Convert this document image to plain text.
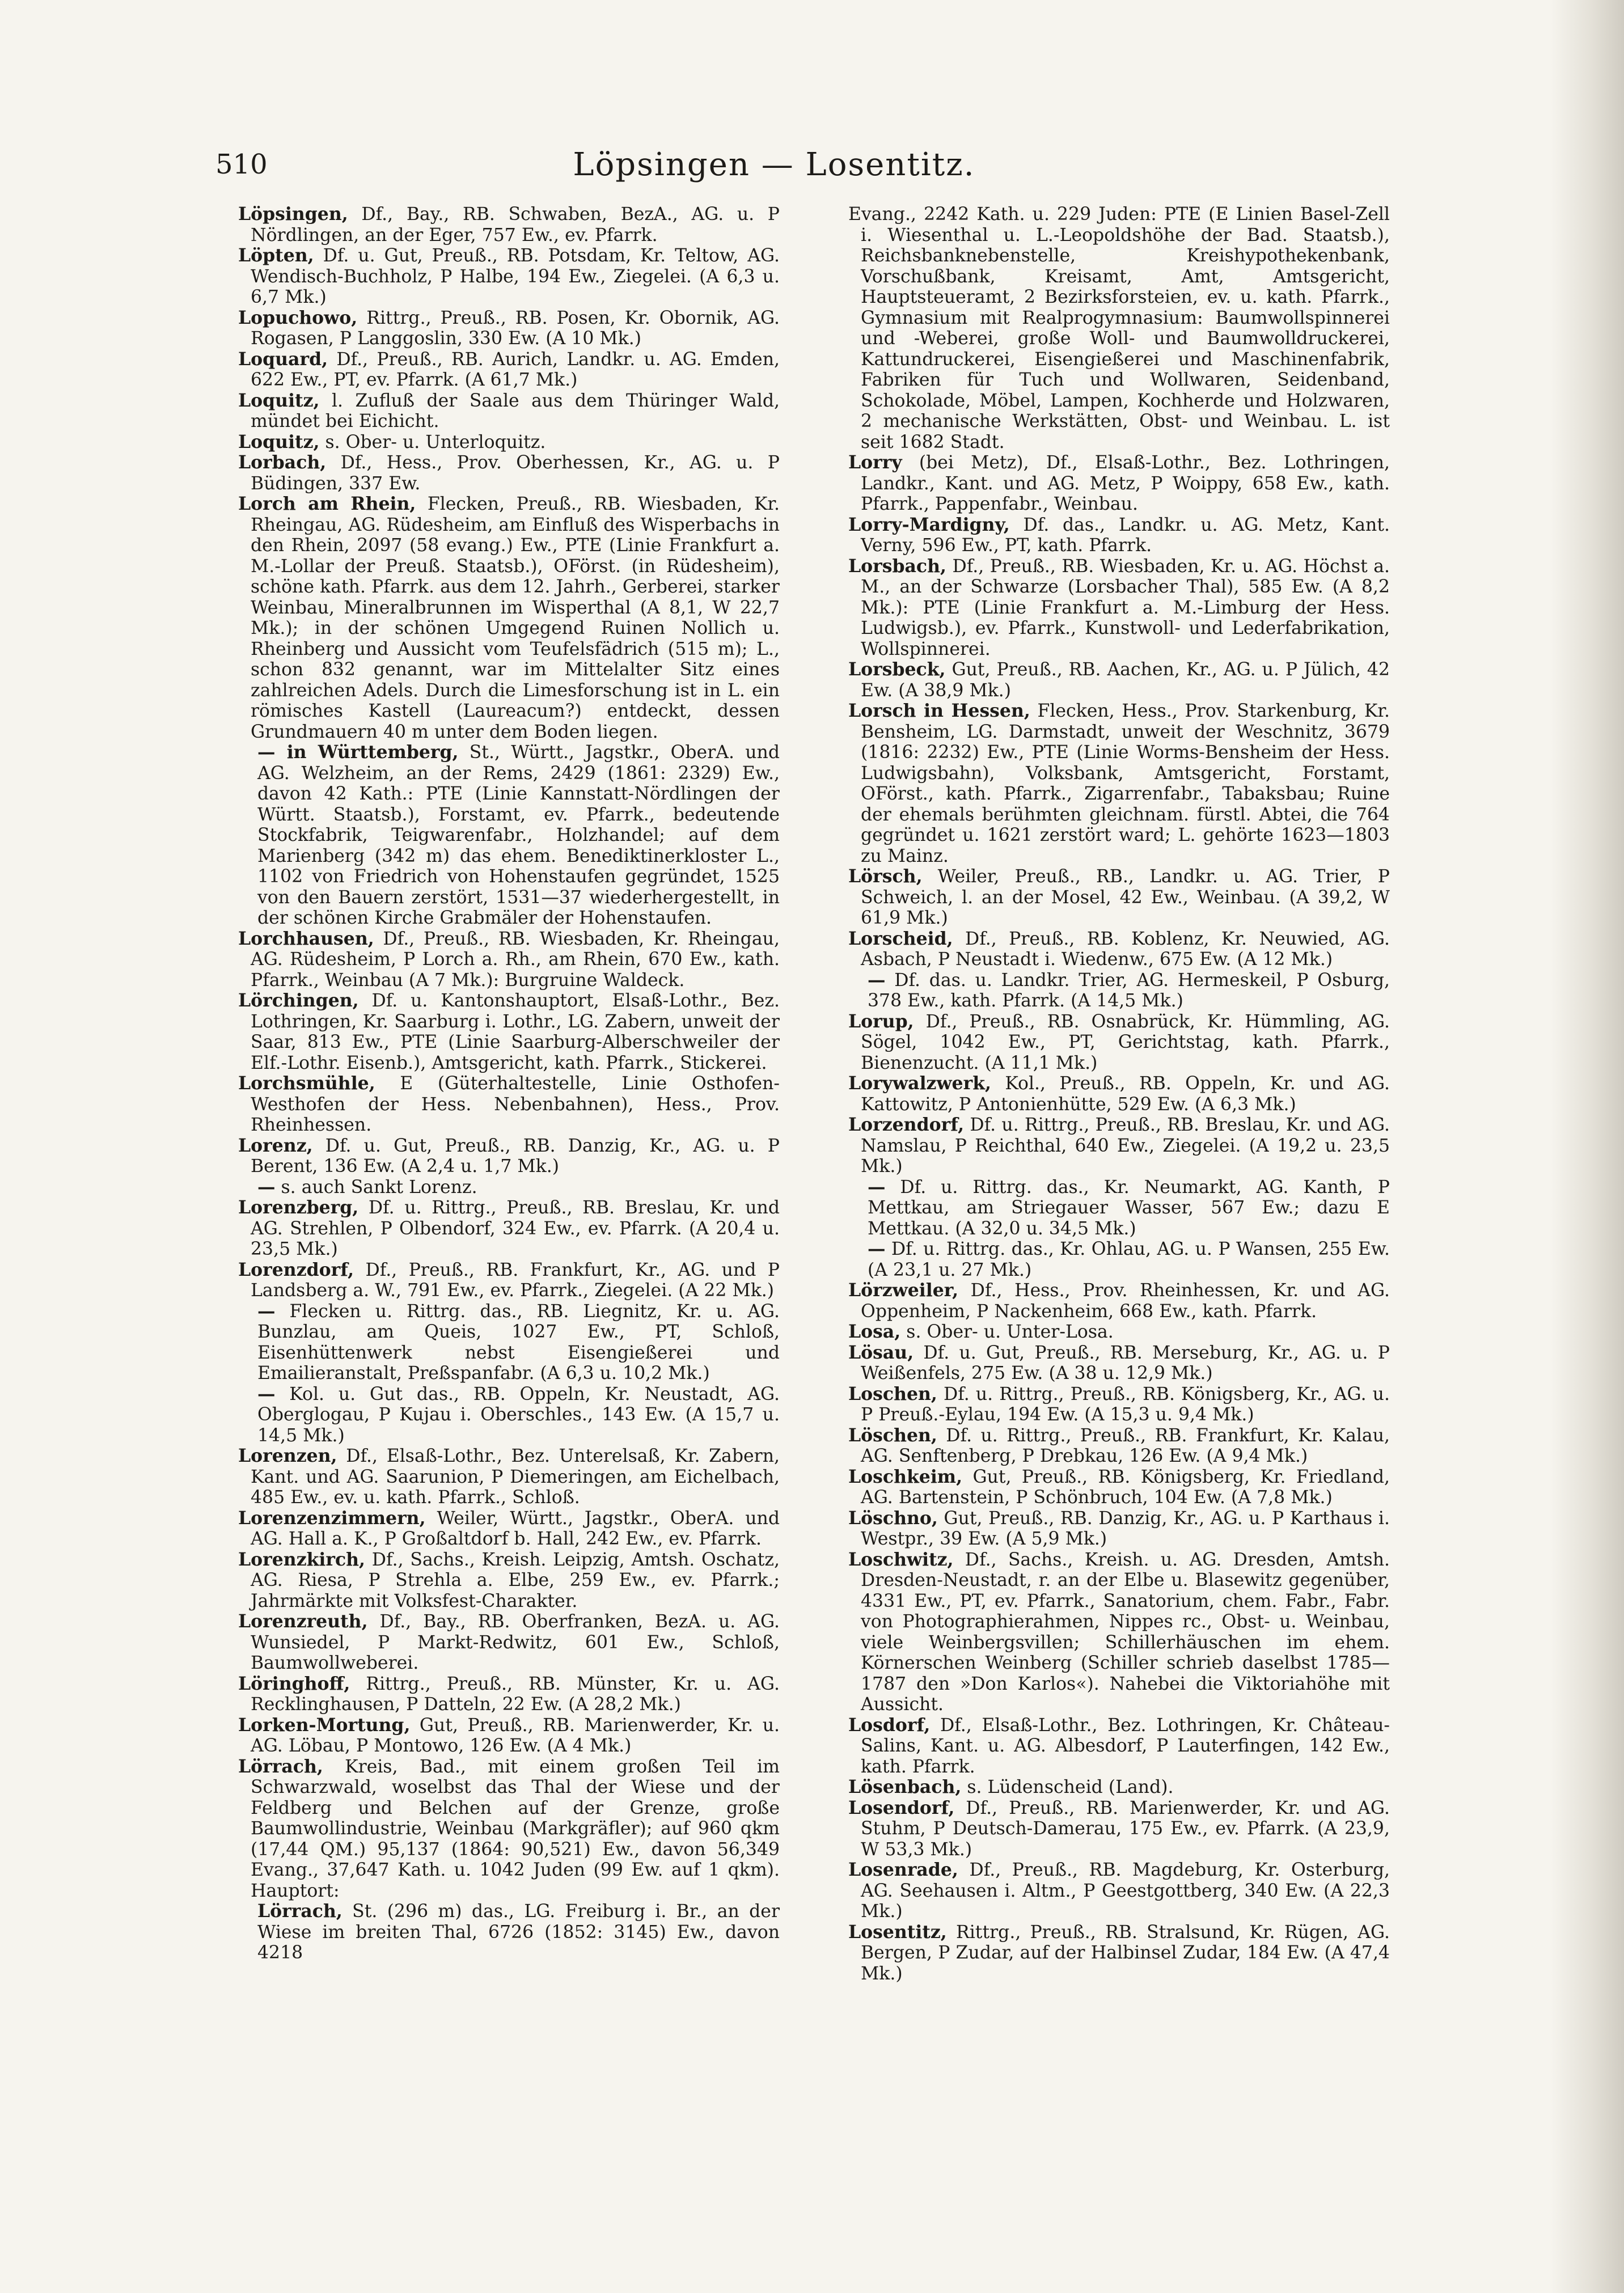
510	Löpsingen — Losentitz.

Löpsingen, Df., Bay., RB. Schwaben, BezA., AG. u. P Nördlingen, an der Eger, 757 Ew., ev. Pfarrk.

Löpten, Df. u. Gut, Preuß., RB. Potsdam, Kr. Teltow, AG. Wendisch-Buchholz, P Halbe, 194 Ew., Ziegelei. (A 6,3 u. 6,7 Mk.)

Lopuchowo, Rittrg., Preuß., RB. Posen, Kr. Obornik, AG. Rogasen, P Langgoslin, 330 Ew. (A 10 Mk.)

Loquard, Df., Preuß., RB. Aurich, Landkr. u. AG. Emden, 622 Ew., PT, ev. Pfarrk. (A 61,7 Mk.)

Loquitz, l. Zufluß der Saale aus dem Thüringer Wald, mündet bei Eichicht.

Loquitz, s. Ober- u. Unterloquitz.

Lorbach, Df., Hess., Prov. Oberhessen, Kr., AG. u. P Büdingen, 337 Ew.

Lorch am Rhein, Flecken, Preuß., RB. Wiesbaden, Kr. Rheingau, AG. Rüdesheim, am Einfluß des Wisperbachs in den Rhein, 2097 (58 evang.) Ew., PTE (Linie Frankfurt a. M.-Lollar der Preuß. Staatsb.), OFörst. (in Rüdesheim), schöne kath. Pfarrk. aus dem 12. Jahrh., Gerberei, starker Weinbau, Mineralbrunnen im Wisperthal (A 8,1, W 22,7 Mk.); in der schönen Umgegend Ruinen Nollich u. Rheinberg und Aussicht vom Teufelsfädrich (515 m); L., schon 832 genannt, war im Mittelalter Sitz eines zahlreichen Adels. Durch die Limesforschung ist in L. ein römisches Kastell (Laureacum?) entdeckt, dessen Grundmauern 40 m unter dem Boden liegen.

— in Württemberg, St., Württ., Jagstkr., OberA. und AG. Welzheim, an der Rems, 2429 (1861: 2329) Ew., davon 42 Kath.: PTE (Linie Kannstatt-Nördlingen der Württ. Staatsb.), Forstamt, ev. Pfarrk., bedeutende Stockfabrik, Teigwarenfabr., Holzhandel; auf dem Marienberg (342 m) das ehem. Benediktinerkloster L., 1102 von Friedrich von Hohenstaufen gegründet, 1525 von den Bauern zerstört, 1531—37 wiederhergestellt, in der schönen Kirche Grabmäler der Hohenstaufen.

Lorchhausen, Df., Preuß., RB. Wiesbaden, Kr. Rheingau, AG. Rüdesheim, P Lorch a. Rh., am Rhein, 670 Ew., kath. Pfarrk., Weinbau (A 7 Mk.): Burgruine Waldeck.

Lörchingen, Df. u. Kantonshauptort, Elsaß-Lothr., Bez. Lothringen, Kr. Saarburg i. Lothr., LG. Zabern, unweit der Saar, 813 Ew., PTE (Linie Saarburg-Alberschweiler der Elf.-Lothr. Eisenb.), Amtsgericht, kath. Pfarrk., Stickerei.

Lorchsmühle, E (Güterhaltestelle, Linie Osthofen-Westhofen der Hess. Nebenbahnen), Hess., Prov. Rheinhessen.

Lorenz, Df. u. Gut, Preuß., RB. Danzig, Kr., AG. u. P Berent, 136 Ew. (A 2,4 u. 1,7 Mk.)

— s. auch Sankt Lorenz.

Lorenzberg, Df. u. Rittrg., Preuß., RB. Breslau, Kr. und AG. Strehlen, P Olbendorf, 324 Ew., ev. Pfarrk. (A 20,4 u. 23,5 Mk.)

Lorenzdorf, Df., Preuß., RB. Frankfurt, Kr., AG. und P Landsberg a. W., 791 Ew., ev. Pfarrk., Ziegelei. (A 22 Mk.)

— Flecken u. Rittrg. das., RB. Liegnitz, Kr. u. AG. Bunzlau, am Queis, 1027 Ew., PT, Schloß, Eisenhüttenwerk nebst Eisengießerei und Emailieranstalt, Preßspanfabr. (A 6,3 u. 10,2 Mk.)

— Kol. u. Gut das., RB. Oppeln, Kr. Neustadt, AG. Oberglogau, P Kujau i. Oberschles., 143 Ew. (A 15,7 u. 14,5 Mk.)

Lorenzen, Df., Elsaß-Lothr., Bez. Unterelsaß, Kr. Zabern, Kant. und AG. Saarunion, P Diemeringen, am Eichelbach, 485 Ew., ev. u. kath. Pfarrk., Schloß.

Lorenzenzimmern, Weiler, Württ., Jagstkr., OberA. und AG. Hall a. K., P Großaltdorf b. Hall, 242 Ew., ev. Pfarrk.

Lorenzkirch, Df., Sachs., Kreish. Leipzig, Amtsh. Oschatz, AG. Riesa, P Strehla a. Elbe, 259 Ew., ev. Pfarrk.; Jahrmärkte mit Volksfest-Charakter.

Lorenzreuth, Df., Bay., RB. Oberfranken, BezA. u. AG. Wunsiedel, P Markt-Redwitz, 601 Ew., Schloß, Baumwollweberei.

Löringhoff, Rittrg., Preuß., RB. Münster, Kr. u. AG. Recklinghausen, P Datteln, 22 Ew. (A 28,2 Mk.)

Lorken-Mortung, Gut, Preuß., RB. Marienwerder, Kr. u. AG. Löbau, P Montowo, 126 Ew. (A 4 Mk.)

Lörrach, Kreis, Bad., mit einem großen Teil im Schwarzwald, woselbst das Thal der Wiese und der Feldberg und Belchen auf der Grenze, große Baumwollindustrie, Weinbau (Markgräfler); auf 960 qkm (17,44 QM.) 95,137 (1864: 90,521) Ew., davon 56,349 Evang., 37,647 Kath. u. 1042 Juden (99 Ew. auf 1 qkm). Hauptort:

Lörrach, St. (296 m) das., LG. Freiburg i. Br., an der Wiese im breiten Thal, 6726 (1852: 3145) Ew., davon 4218

Evang., 2242 Kath. u. 229 Juden: PTE (E Linien Basel-Zell i. Wiesenthal u. L.-Leopoldshöhe der Bad. Staatsb.), Reichsbanknebenstelle, Kreishypothekenbank, Vorschußbank, Kreisamt, Amt, Amtsgericht, Hauptsteueramt, 2 Bezirksforsteien, ev. u. kath. Pfarrk., Gymnasium mit Realprogymnasium: Baumwollspinnerei und -Weberei, große Woll- und Baumwolldruckerei, Kattundruckerei, Eisengießerei und Maschinenfabrik, Fabriken für Tuch und Wollwaren, Seidenband, Schokolade, Möbel, Lampen, Kochherde und Holzwaren, 2 mechanische Werkstätten, Obst- und Weinbau. L. ist seit 1682 Stadt.

Lorry (bei Metz), Df., Elsaß-Lothr., Bez. Lothringen, Landkr., Kant. und AG. Metz, P Woippy, 658 Ew., kath. Pfarrk., Pappenfabr., Weinbau.

Lorry-Mardigny, Df. das., Landkr. u. AG. Metz, Kant. Verny, 596 Ew., PT, kath. Pfarrk.

Lorsbach, Df., Preuß., RB. Wiesbaden, Kr. u. AG. Höchst a. M., an der Schwarze (Lorsbacher Thal), 585 Ew. (A 8,2 Mk.): PTE (Linie Frankfurt a. M.-Limburg der Hess. Ludwigsb.), ev. Pfarrk., Kunstwoll- und Lederfabrikation, Wollspinnerei.

Lorsbeck, Gut, Preuß., RB. Aachen, Kr., AG. u. P Jülich, 42 Ew. (A 38,9 Mk.)

Lorsch in Hessen, Flecken, Hess., Prov. Starkenburg, Kr. Bensheim, LG. Darmstadt, unweit der Weschnitz, 3679 (1816: 2232) Ew., PTE (Linie Worms-Bensheim der Hess. Ludwigsbahn), Volksbank, Amtsgericht, Forstamt, OFörst., kath. Pfarrk., Zigarrenfabr., Tabaksbau; Ruine der ehemals berühmten gleichnam. fürstl. Abtei, die 764 gegründet u. 1621 zerstört ward; L. gehörte 1623—1803 zu Mainz.

Lörsch, Weiler, Preuß., RB., Landkr. u. AG. Trier, P Schweich, l. an der Mosel, 42 Ew., Weinbau. (A 39,2, W 61,9 Mk.)

Lorscheid, Df., Preuß., RB. Koblenz, Kr. Neuwied, AG. Asbach, P Neustadt i. Wiedenw., 675 Ew. (A 12 Mk.)

— Df. das. u. Landkr. Trier, AG. Hermeskeil, P Osburg, 378 Ew., kath. Pfarrk. (A 14,5 Mk.)

Lorup, Df., Preuß., RB. Osnabrück, Kr. Hümmling, AG. Sögel, 1042 Ew., PT, Gerichtstag, kath. Pfarrk., Bienenzucht. (A 11,1 Mk.)

Lorywalzwerk, Kol., Preuß., RB. Oppeln, Kr. und AG. Kattowitz, P Antonienhütte, 529 Ew. (A 6,3 Mk.)

Lorzendorf, Df. u. Rittrg., Preuß., RB. Breslau, Kr. und AG. Namslau, P Reichthal, 640 Ew., Ziegelei. (A 19,2 u. 23,5 Mk.)

— Df. u. Rittrg. das., Kr. Neumarkt, AG. Kanth, P Mettkau, am Striegauer Wasser, 567 Ew.; dazu E Mettkau. (A 32,0 u. 34,5 Mk.)

— Df. u. Rittrg. das., Kr. Ohlau, AG. u. P Wansen, 255 Ew. (A 23,1 u. 27 Mk.)

Lörzweiler, Df., Hess., Prov. Rheinhessen, Kr. und AG. Oppenheim, P Nackenheim, 668 Ew., kath. Pfarrk.

Losa, s. Ober- u. Unter-Losa.

Lösau, Df. u. Gut, Preuß., RB. Merseburg, Kr., AG. u. P Weißenfels, 275 Ew. (A 38 u. 12,9 Mk.)

Loschen, Df. u. Rittrg., Preuß., RB. Königsberg, Kr., AG. u. P Preuß.-Eylau, 194 Ew. (A 15,3 u. 9,4 Mk.)

Löschen, Df. u. Rittrg., Preuß., RB. Frankfurt, Kr. Kalau, AG. Senftenberg, P Drebkau, 126 Ew. (A 9,4 Mk.)

Loschkeim, Gut, Preuß., RB. Königsberg, Kr. Friedland, AG. Bartenstein, P Schönbruch, 104 Ew. (A 7,8 Mk.)

Löschno, Gut, Preuß., RB. Danzig, Kr., AG. u. P Karthaus i. Westpr., 39 Ew. (A 5,9 Mk.)

Loschwitz, Df., Sachs., Kreish. u. AG. Dresden, Amtsh. Dresden-Neustadt, r. an der Elbe u. Blasewitz gegenüber, 4331 Ew., PT, ev. Pfarrk., Sanatorium, chem. Fabr., Fabr. von Photographierahmen, Nippes rc., Obst- u. Weinbau, viele Weinbergsvillen; Schillerhäuschen im ehem. Körnerschen Weinberg (Schiller schrieb daselbst 1785—1787 den »Don Karlos«). Nahebei die Viktoriahöhe mit Aussicht.

Losdorf, Df., Elsaß-Lothr., Bez. Lothringen, Kr. Château-Salins, Kant. u. AG. Albesdorf, P Lauterfingen, 142 Ew., kath. Pfarrk.

Lösenbach, s. Lüdenscheid (Land).

Losendorf, Df., Preuß., RB. Marienwerder, Kr. und AG. Stuhm, P Deutsch-Damerau, 175 Ew., ev. Pfarrk. (A 23,9, W 53,3 Mk.)

Losenrade, Df., Preuß., RB. Magdeburg, Kr. Osterburg, AG. Seehausen i. Altm., P Geestgottberg, 340 Ew. (A 22,3 Mk.)

Losentitz, Rittrg., Preuß., RB. Stralsund, Kr. Rügen, AG. Bergen, P Zudar, auf der Halbinsel Zudar, 184 Ew. (A 47,4 Mk.)
